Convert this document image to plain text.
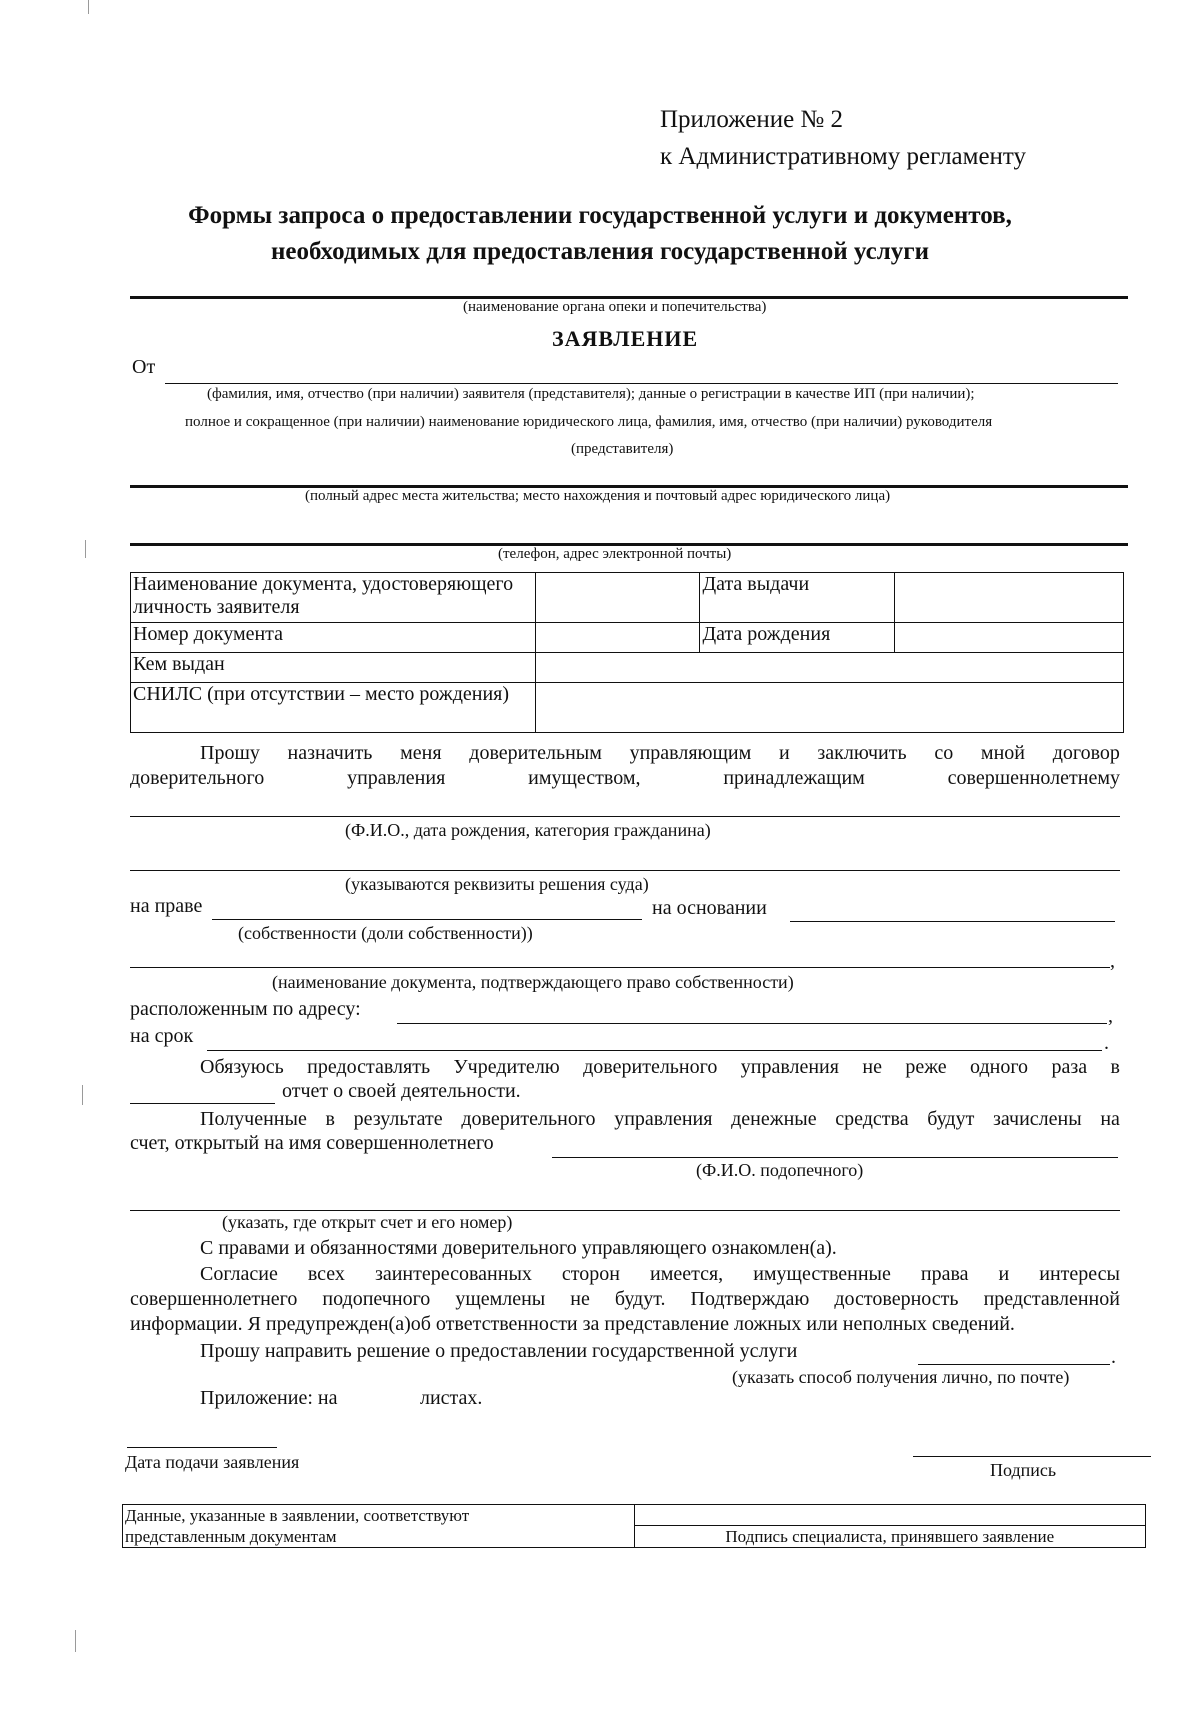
Приложение № 2
к Административному регламенту
Формы запроса о предоставлении государственной услуги и документов,
необходимых для предоставления государственной услуги
(наименование органа опеки и попечительства)
ЗАЯВЛЕНИЕ
От
(фамилия, имя, отчество (при наличии) заявителя (представителя); данные о регистрации в качестве ИП (при наличии);
полное и сокращенное (при наличии) наименование юридического лица, фамилия, имя, отчество (при наличии) руководителя
(представителя)
(полный адрес места жительства; место нахождения и почтовый адрес юридического лица)
(телефон, адрес электронной почты)
Наименование документа, удостоверяющего личность заявителя		Дата выдачи	
Номер документа		Дата рождения	
Кем выдан			
СНИЛС (при отсутствии – место рождения)			
Прошу назначить меня доверительным управляющим и заключить со мной договор
доверительного	управления	имуществом,	принадлежащим	совершеннолетнему
(Ф.И.О., дата рождения, категория гражданина)
(указываются реквизиты решения суда)
на праве	на основании
(собственности (доли собственности))
,
(наименование документа, подтверждающего право собственности)
расположенным по адресу:	,
на срок	.
Обязуюсь предоставлять Учредителю доверительного управления не реже одного раза в
отчет о своей деятельности.
Полученные в результате доверительного управления денежные средства будут зачислены на
счет, открытый на имя совершеннолетнего
(Ф.И.О. подопечного)
(указать, где открыт счет и его номер)
С правами и обязанностями доверительного управляющего ознакомлен(а).
Согласие всех заинтересованных сторон имеется, имущественные права и интересы
совершеннолетнего подопечного ущемлены не будут. Подтверждаю достоверность представленной
информации. Я предупрежден(а)об ответственности за представление ложных или неполных сведений.
Прошу направить решение о предоставлении государственной услуги	.
(указать способ получения лично, по почте)
Приложение: на	листах.
Дата подачи заявления	Подпись
Данные, указанные в заявлении, соответствуют представленным документам	
Подпись специалиста, принявшего заявление
